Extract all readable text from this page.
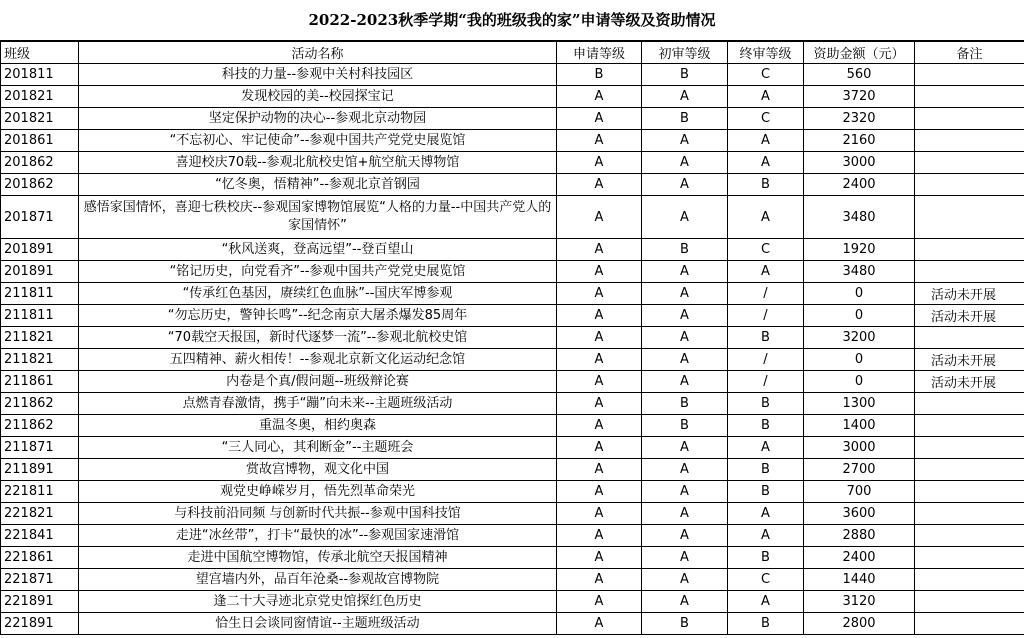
2022-2023秋季学期“我的班级我的家”申请等级及资助情况
班级	活动名称	申请等级	初审等级	终审等级	资助金额（元）	备注
201811	科技的力量--参观中关村科技园区	B	B	C	560	
201821	发现校园的美--校园探宝记	A	A	A	3720	
201821	坚定保护动物的决心--参观北京动物园	A	B	C	2320	
201861	“不忘初心、牢记使命”--参观中国共产党党史展览馆	A	A	A	2160	
201862	喜迎校庆70载--参观北航校史馆+航空航天博物馆	A	A	A	3000	
201862	“忆冬奥，悟精神”--参观北京首钢园	A	A	B	2400	
201871	感悟家国情怀，喜迎七秩校庆--参观国家博物馆展览“人格的力量--中国共产党人的家国情怀”	A	A	A	3480	
201891	“秋风送爽，登高远望”--登百望山	A	B	C	1920	
201891	“铭记历史，向党看齐”--参观中国共产党党史展览馆	A	A	A	3480	
211811	“传承红色基因，赓续红色血脉”--国庆军博参观	A	A	/	0	活动未开展
211811	“勿忘历史，警钟长鸣”--纪念南京大屠杀爆发85周年	A	A	/	0	活动未开展
211821	“70载空天报国，新时代逐梦一流”--参观北航校史馆	A	A	B	3200	
211821	五四精神、薪火相传！--参观北京新文化运动纪念馆	A	A	/	0	活动未开展
211861	内卷是个真/假问题--班级辩论赛	A	A	/	0	活动未开展
211862	点燃青春激情，携手“蹦”向未来--主题班级活动	A	B	B	1300	
211862	重温冬奥，相约奥森	A	B	B	1400	
211871	“三人同心，其利断金”--主题班会	A	A	A	3000	
211891	赏故宫博物，观文化中国	A	A	B	2700	
221811	观党史峥嵘岁月，悟先烈革命荣光	A	A	B	700	
221821	与科技前沿同频 与创新时代共振--参观中国科技馆	A	A	A	3600	
221841	走进“冰丝带”，打卡“最快的冰”--参观国家速滑馆	A	A	A	2880	
221861	走进中国航空博物馆，传承北航空天报国精神	A	A	B	2400	
221871	望宫墙内外，品百年沧桑--参观故宫博物院	A	A	C	1440	
221891	逢二十大寻迹北京党史馆探红色历史	A	A	A	3120	
221891	恰生日会谈同窗情谊--主题班级活动	A	B	B	2800	
